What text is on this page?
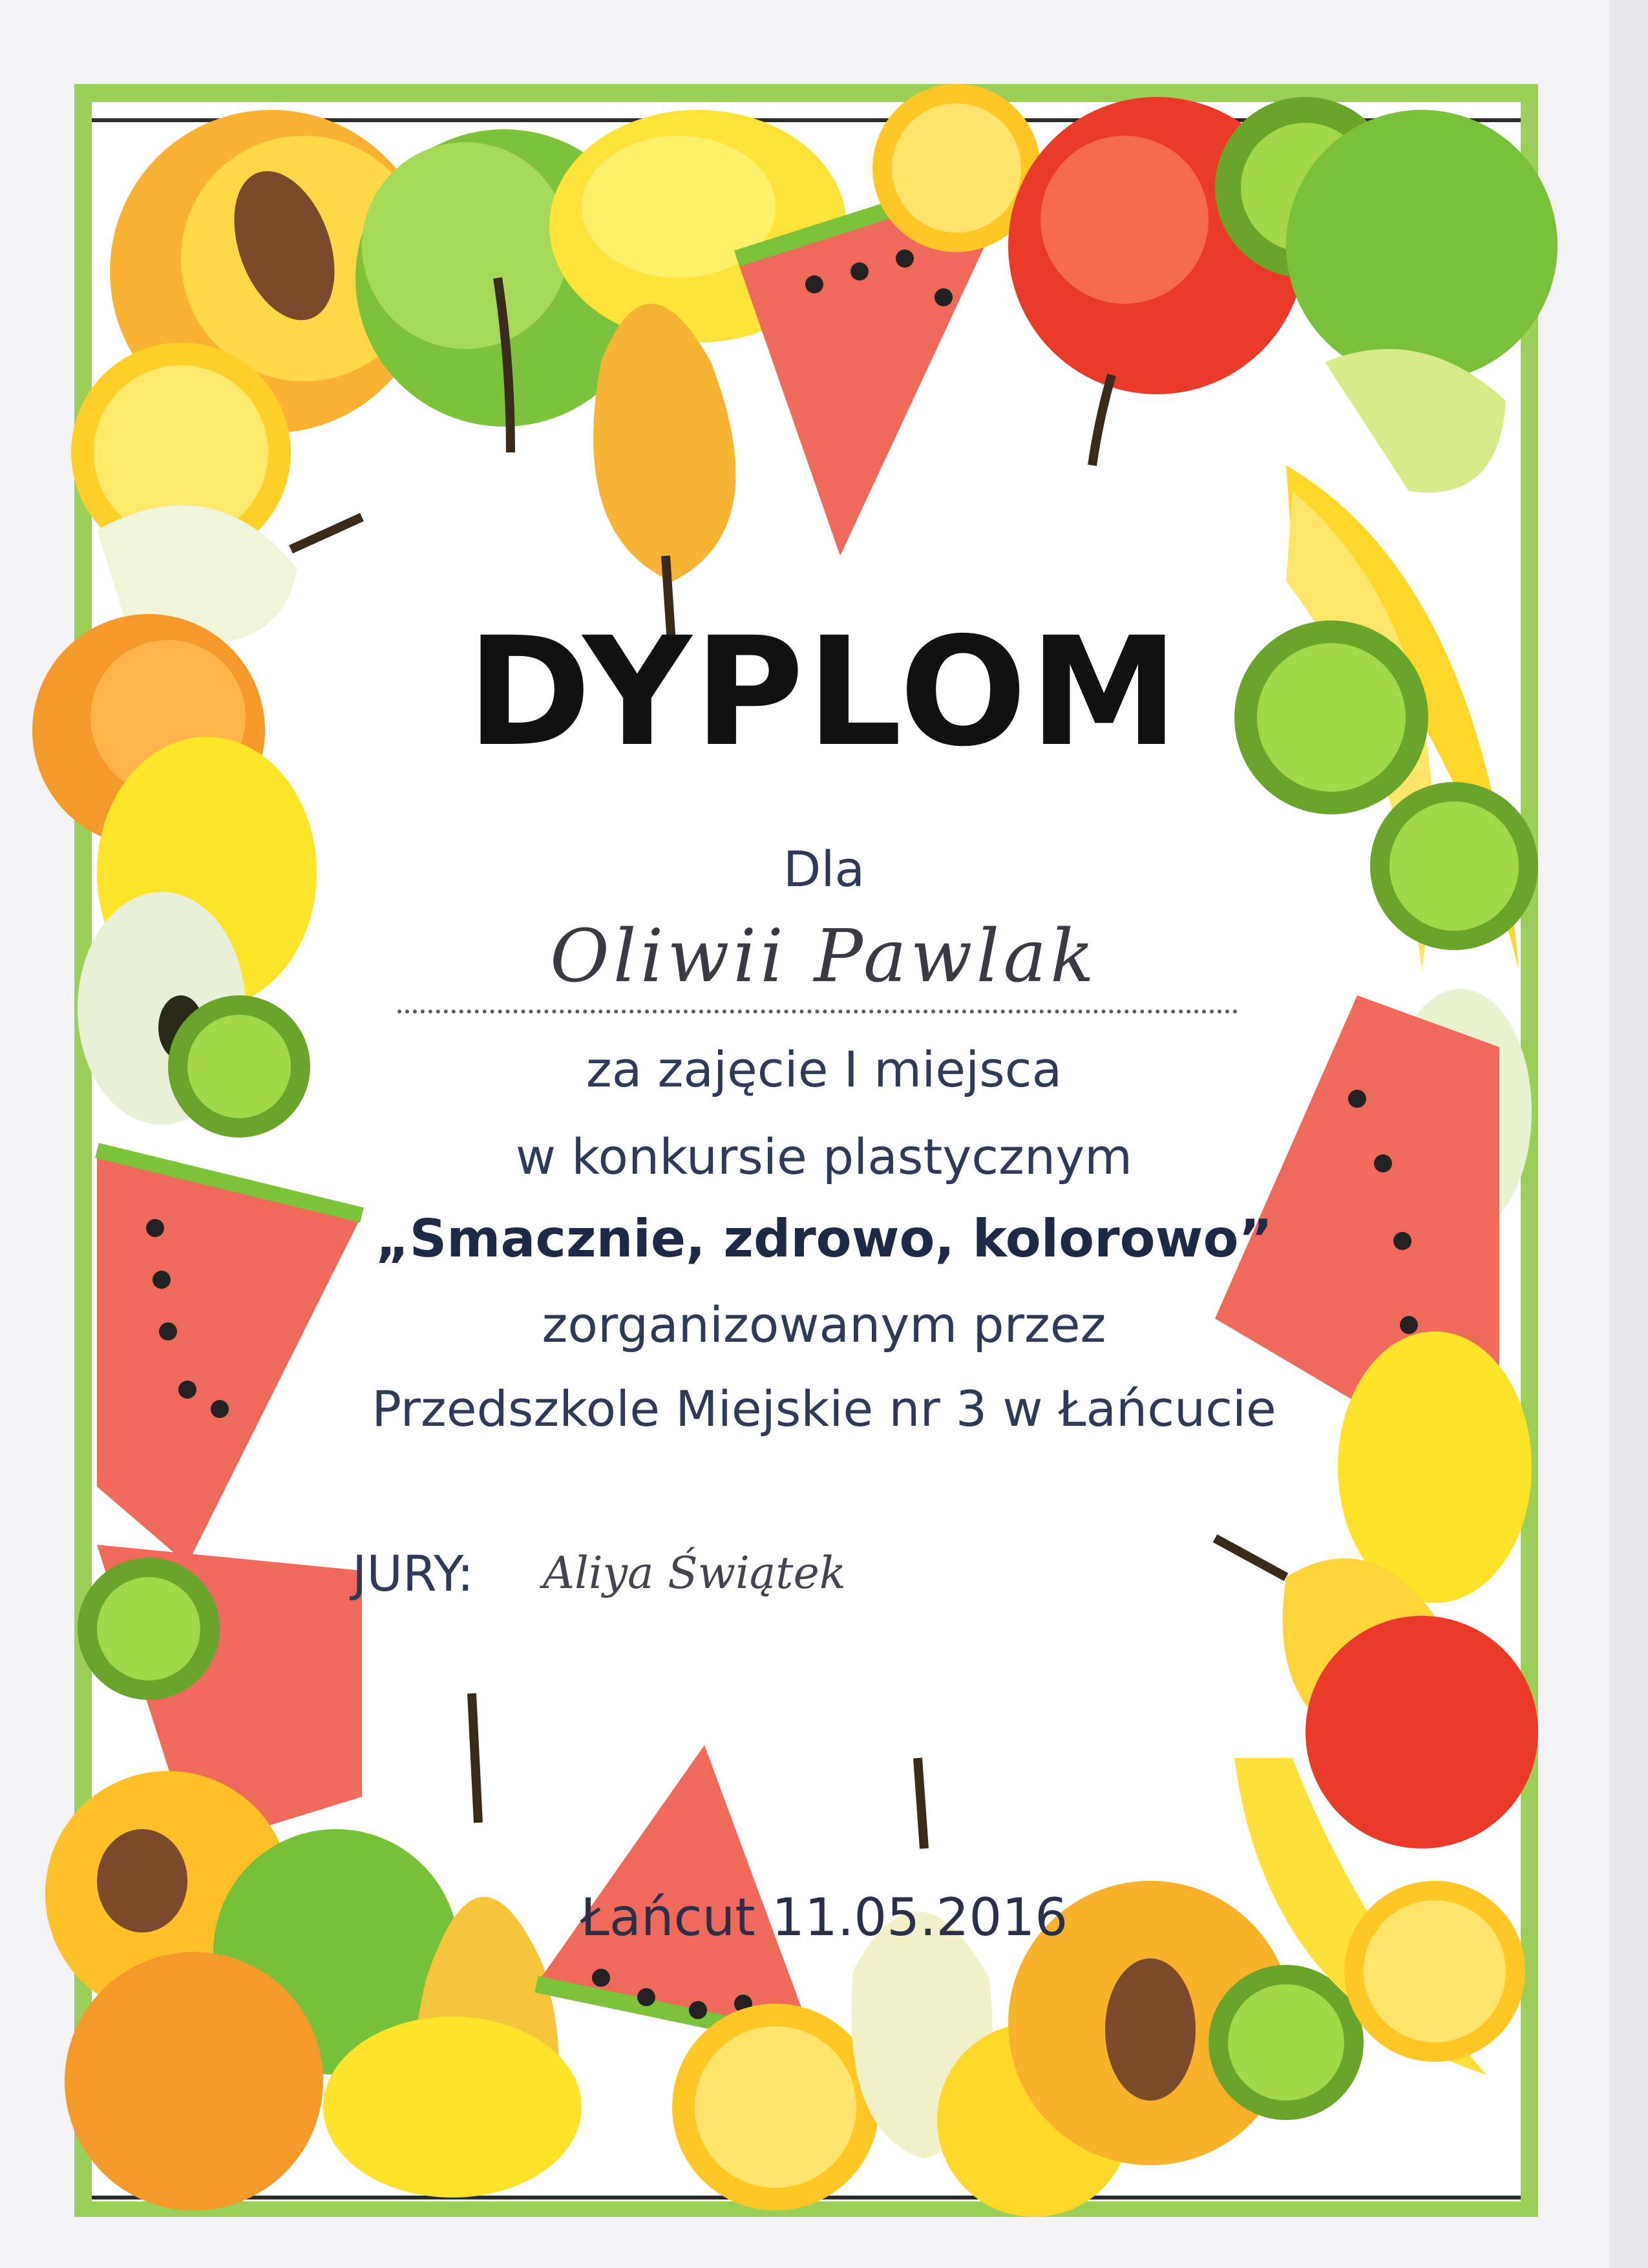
DYPLOM
Dla
Oliwii Pawlak
za zajęcie I miejsca
w konkursie plastycznym
„Smacznie, zdrowo, kolorowo”
zorganizowanym przez
Przedszkole Miejskie nr 3 w Łańcucie
JURY: Aliya Świątek
Łańcut 11.05.2016
